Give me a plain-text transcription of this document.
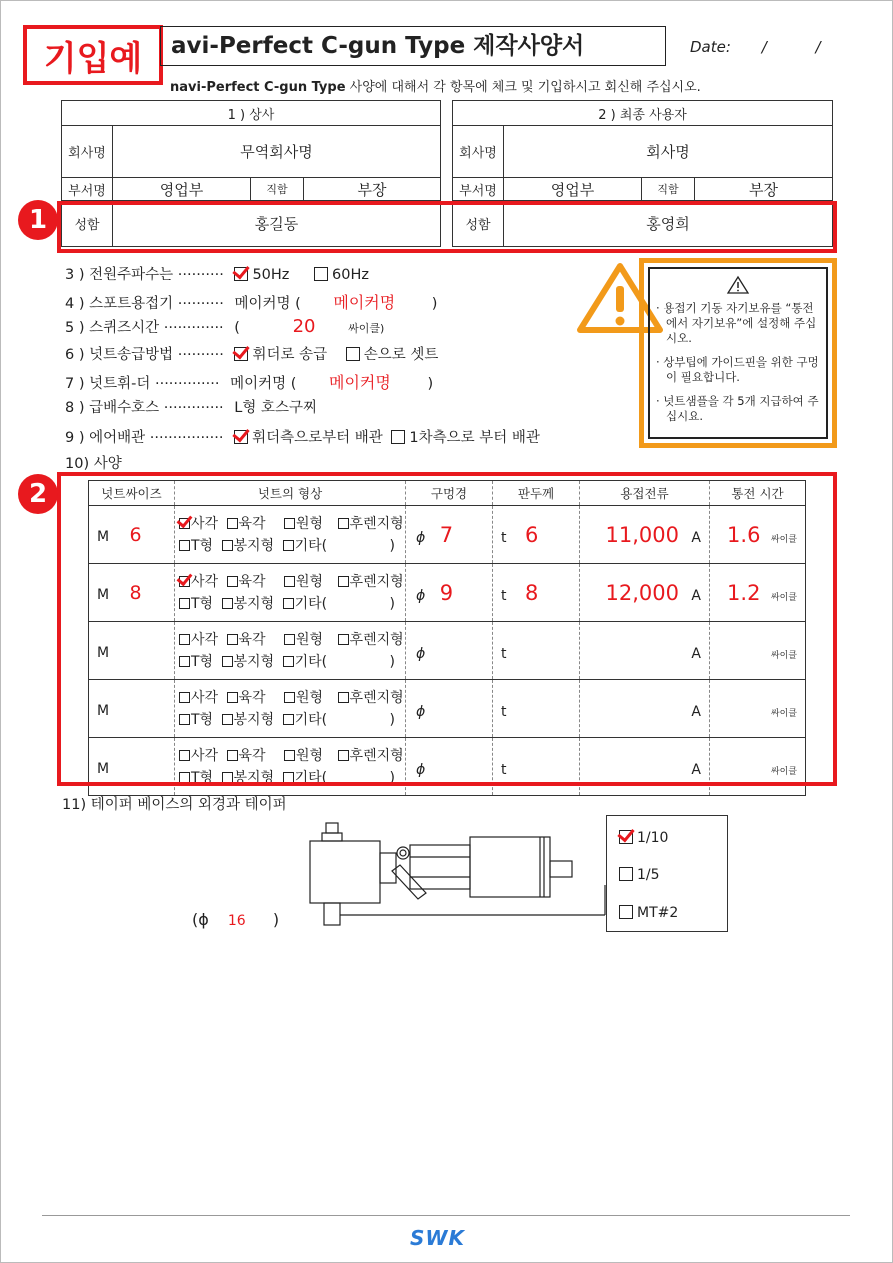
기입예	avi-Perfect C-gun Type 제작사양서	Date: /	/
navi-Perfect C-gun Type 사양에 대해서 각 항목에 체크 및 기입하시고 회신해 주십시오.
1 ) 상사			
회사명	무역회사명		
부서명	영업부	직함	부장
성함	홍길동		
2 ) 최종 사용자			
회사명	회사명		
부서명	영업부	직함	부장
성함	홍영희		
1
3 ) 전원주파수는 ·········· 50Hz	60Hz
4 ) 스포트용접기 ·········· 메이커명 ( 메이커명	)
5 ) 스퀴즈시간 ············· (	20	싸이클)
6 ) 넛트송급방법 ·········· 휘더로 송급	손으로 셋트
7 ) 넛트휘-더 ·············· 메이커명 ( 메이커명	)
8 ) 급배수호스 ············· L형 호스구찌
9 ) 에어배관 ················ 휘더측으로부터 배관 1차측으로 부터 배관
10) 사양

· 용접기 기동 자기보유를 “통전에서 자기보유”에 설정해 주십시오.

· 상부팁에 가이드핀을 위한 구멍이 필요합니다.

· 넛트샘플을 각 5개 지급하여 주십시요.

넛트싸이즈	넛트의 형상	구멍경	판두께	용접전류	통전 시간
M 6	사각 육각 원형 후렌지형
T형 봉지형 기타( )	ϕ 7	t 6	11,000 A	1.6 싸이클
M 8	사각 육각 원형 후렌지형
T형 봉지형 기타( )	ϕ 9	t 8	12,000 A	1.2 싸이클
M	사각 육각 원형 후렌지형
T형 봉지형 기타( )	ϕ	t	A	싸이클
M	사각 육각 원형 후렌지형
T형 봉지형 기타( )	ϕ	t	A	싸이클
M	사각 육각 원형 후렌지형
T형 봉지형 기타( )	ϕ	t	A	싸이클
2
11) 테이퍼 베이스의 외경과 테이퍼
(ϕ 16 )
1/10
1/5
MT#2
SWK
